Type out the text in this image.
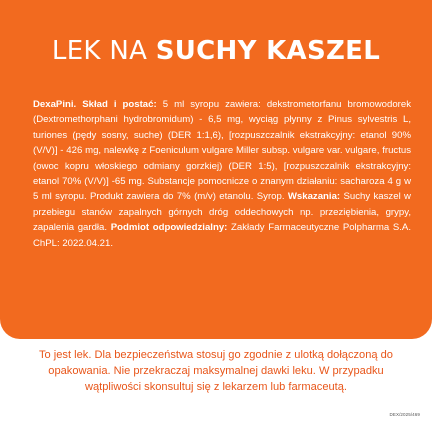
LEK NA SUCHY KASZEL

DexaPini. Skład i postać: 5 ml syropu zawiera: dekstrometorfanu bromowodorek (Dextromethorphani hydrobromidum) - 6,5 mg, wyciąg płynny z Pinus sylvestris L, turiones (pędy sosny, suche) (DER 1:1,6), [rozpuszczalnik ekstrakcyjny: etanol 90% (V/V)] - 426 mg, nalewkę z Foeniculum vulgare Miller subsp. vulgare var. vulgare, fructus (owoc kopru włoskiego odmiany gorzkiej) (DER 1:5), [rozpuszczalnik ekstrakcyjny: etanol 70% (V/V)] -65 mg. Substancje pomocnicze o znanym działaniu: sacharoza 4 g w 5 ml syropu. Produkt zawiera do 7% (m/v) etanolu. Syrop. Wskazania: Suchy kaszel w przebiegu stanów zapalnych górnych dróg oddechowych np. przeziębienia, grypy, zapalenia gardła. Podmiot odpowiedzialny: Zakłady Farmaceutyczne Polpharma S.A. ChPL: 2022.04.21.

To jest lek. Dla bezpieczeństwa stosuj go zgodnie z ulotką dołączoną do opakowania. Nie przekraczaj maksymalnej dawki leku. W przypadku wątpliwości skonsultuj się z lekarzem lub farmaceutą.

DEX/2025/469
